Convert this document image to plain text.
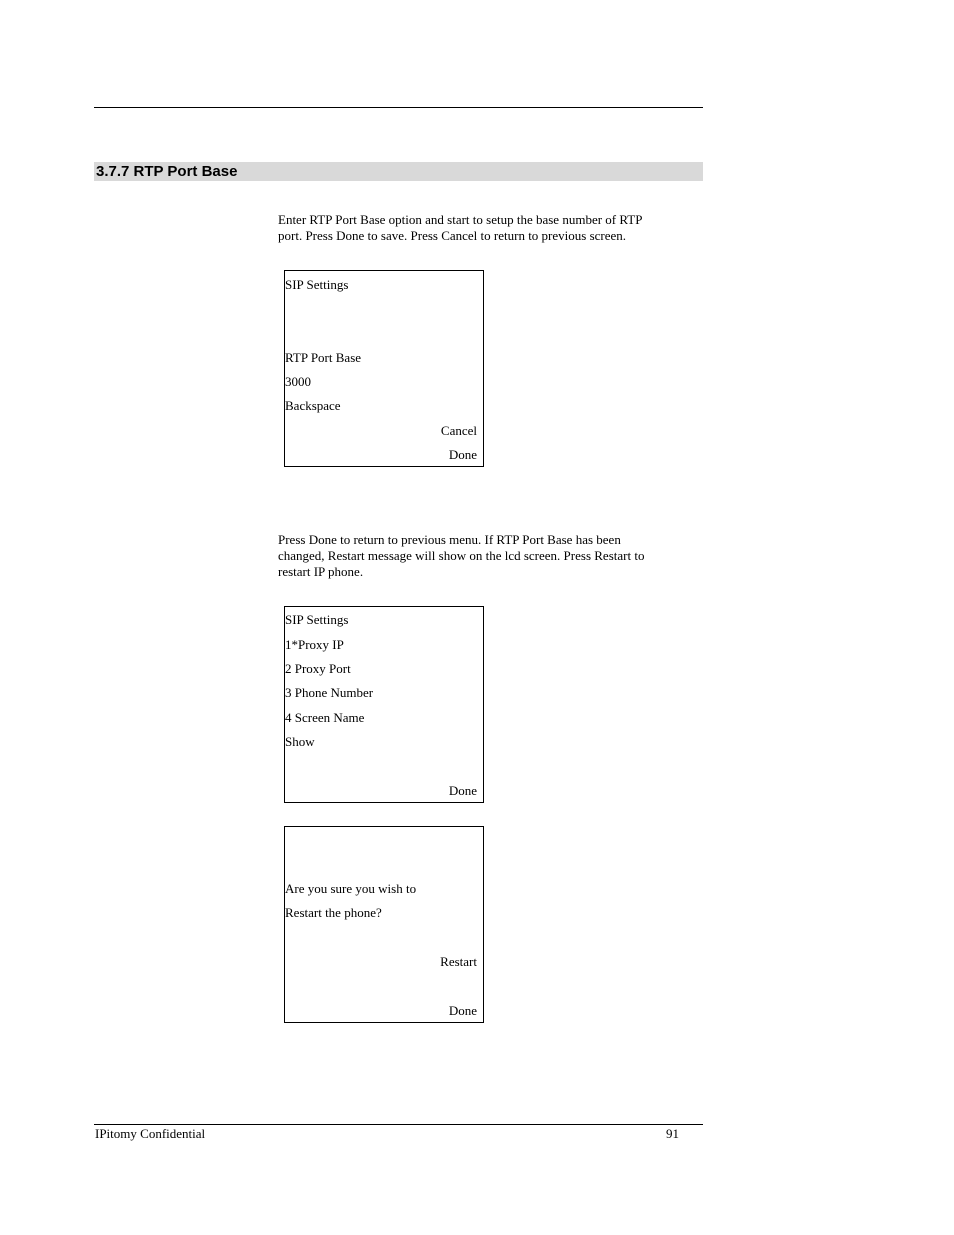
3.7.7 RTP Port Base
Enter RTP Port Base option and start to setup the base number of RTP port. Press Done to save. Press Cancel to return to previous screen.
SIP Settings
RTP Port Base
3000
Backspace
Cancel
Done
Press Done to return to previous menu. If RTP Port Base has been changed, Restart message will show on the lcd screen. Press Restart to restart IP phone.
SIP Settings
1*Proxy IP
2 Proxy Port
3 Phone Number
4 Screen Name
Show
Done
Are you sure you wish to
Restart the phone?
Restart
Done
IPitomy Confidential	91
